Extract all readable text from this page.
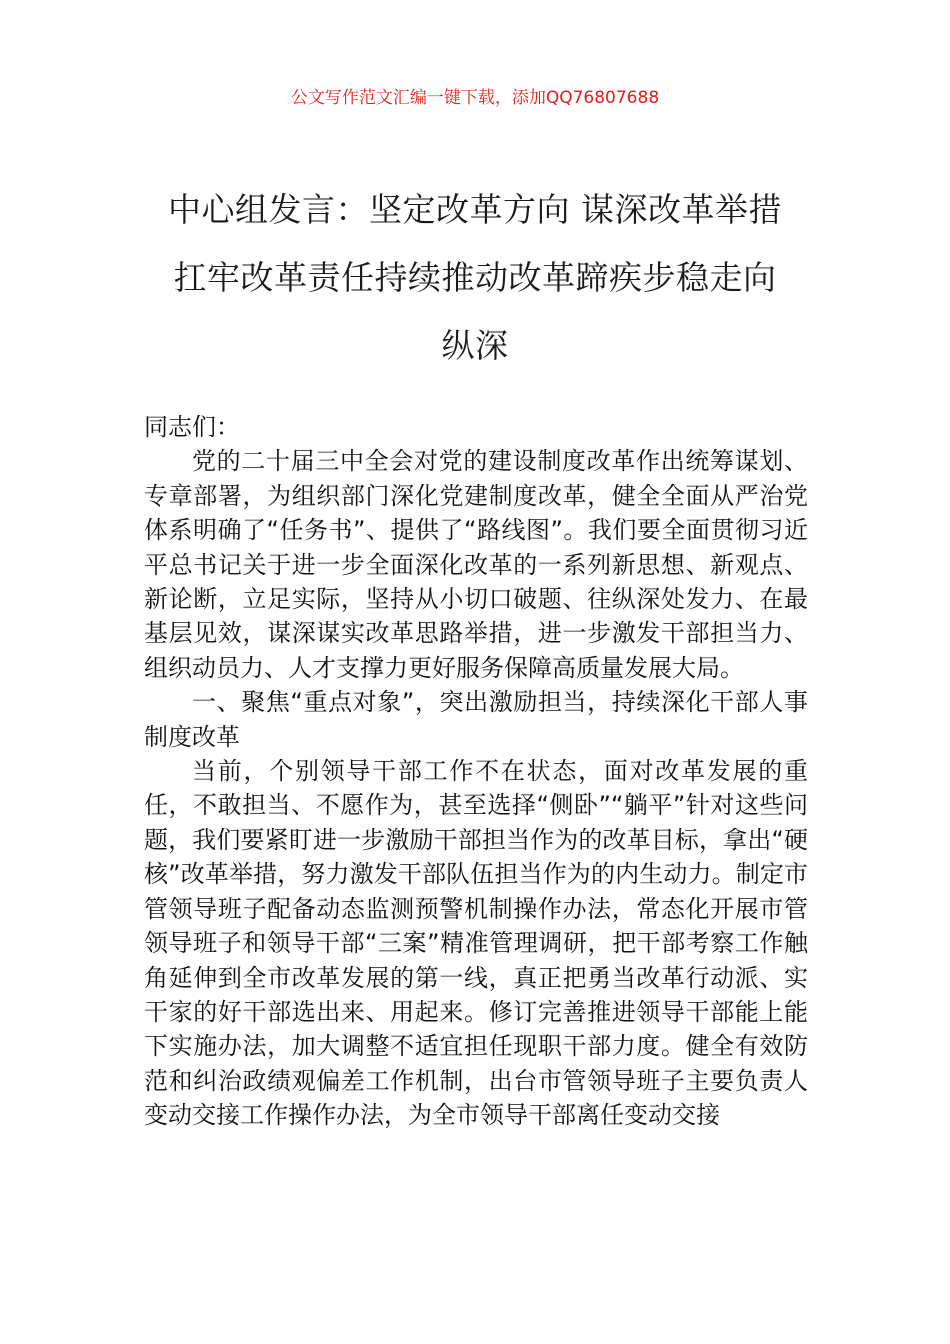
公文写作范文汇编一键下载，添加QQ76807688
中心组发言：坚定改革方向 谋深改革举措
扛牢改革责任持续推动改革蹄疾步稳走向
纵深

同志们：

党的二十届三中全会对党的建设制度改革作出统筹谋划、专章部署，为组织部门深化党建制度改革，健全全面从严治党体系明确了“任务书”、提供了“路线图”。我们要全面贯彻习近平总书记关于进一步全面深化改革的一系列新思想、新观点、新论断，立足实际，坚持从小切口破题、往纵深处发力、在最基层见效，谋深谋实改革思路举措，进一步激发干部担当力、组织动员力、人才支撑力更好服务保障高质量发展大局。

一、聚焦“重点对象”，突出激励担当，持续深化干部人事制度改革

当前，个别领导干部工作不在状态，面对改革发展的重任，不敢担当、不愿作为，甚至选择“侧卧”“躺平”针对这些问题，我们要紧盯进一步激励干部担当作为的改革目标，拿出“硬核”改革举措，努力激发干部队伍担当作为的内生动力。制定市管领导班子配备动态监测预警机制操作办法，常态化开展市管领导班子和领导干部“三案”精准管理调研，把干部考察工作触角延伸到全市改革发展的第一线，真正把勇当改革行动派、实干家的好干部选出来、用起来。修订完善推进领导干部能上能下实施办法，加大调整不适宜担任现职干部力度。健全有效防范和纠治政绩观偏差工作机制，出台市管领导班子主要负责人变动交接工作操作办法，为全市领导干部离任变动交接
